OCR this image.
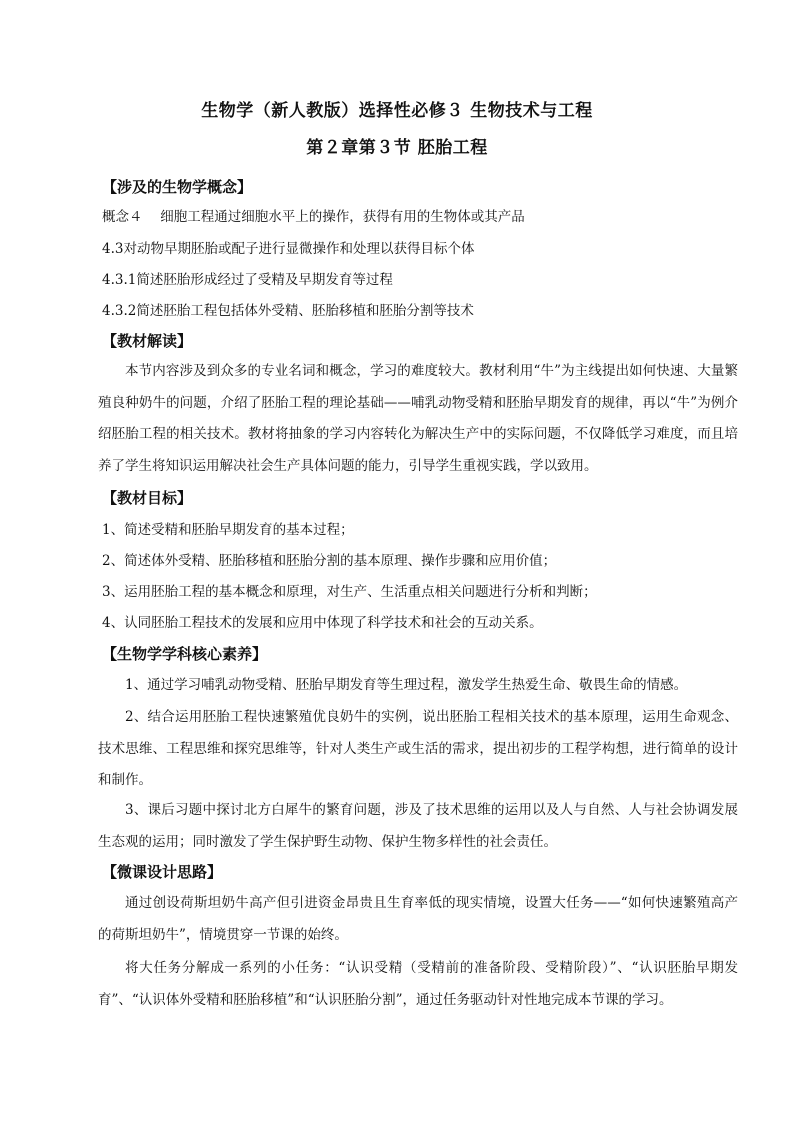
生物学（新人教版）选择性必修３ 生物技术与工程
第２章第３节 胚胎工程
【涉及的生物学概念】
概念４　 细胞工程通过细胞水平上的操作，获得有用的生物体或其产品
4.3对动物早期胚胎或配子进行显微操作和处理以获得目标个体
4.3.1简述胚胎形成经过了受精及早期发育等过程
4.3.2简述胚胎工程包括体外受精、胚胎移植和胚胎分割等技术
【教材解读】
本节内容涉及到众多的专业名词和概念，学习的难度较大。教材利用“牛”为主线提出如何快速、大量繁殖良种奶牛的问题，介绍了胚胎工程的理论基础——哺乳动物受精和胚胎早期发育的规律，再以“牛”为例介绍胚胎工程的相关技术。教材将抽象的学习内容转化为解决生产中的实际问题，不仅降低学习难度，而且培养了学生将知识运用解决社会生产具体问题的能力，引导学生重视实践，学以致用。
【教材目标】
1、简述受精和胚胎早期发育的基本过程；
2、简述体外受精、胚胎移植和胚胎分割的基本原理、操作步骤和应用价值；
3、运用胚胎工程的基本概念和原理，对生产、生活重点相关问题进行分析和判断；
4、认同胚胎工程技术的发展和应用中体现了科学技术和社会的互动关系。
【生物学学科核心素养】
1、通过学习哺乳动物受精、胚胎早期发育等生理过程，激发学生热爱生命、敬畏生命的情感。
2、结合运用胚胎工程快速繁殖优良奶牛的实例，说出胚胎工程相关技术的基本原理，运用生命观念、技术思维、工程思维和探究思维等，针对人类生产或生活的需求，提出初步的工程学构想，进行简单的设计和制作。
3、课后习题中探讨北方白犀牛的繁育问题，涉及了技术思维的运用以及人与自然、人与社会协调发展生态观的运用；同时激发了学生保护野生动物、保护生物多样性的社会责任。
【微课设计思路】
通过创设荷斯坦奶牛高产但引进资金昂贵且生育率低的现实情境，设置大任务——“如何快速繁殖高产的荷斯坦奶牛”，情境贯穿一节课的始终。
将大任务分解成一系列的小任务：“认识受精（受精前的准备阶段、受精阶段）”、“认识胚胎早期发育”、“认识体外受精和胚胎移植”和“认识胚胎分割”，通过任务驱动针对性地完成本节课的学习。
